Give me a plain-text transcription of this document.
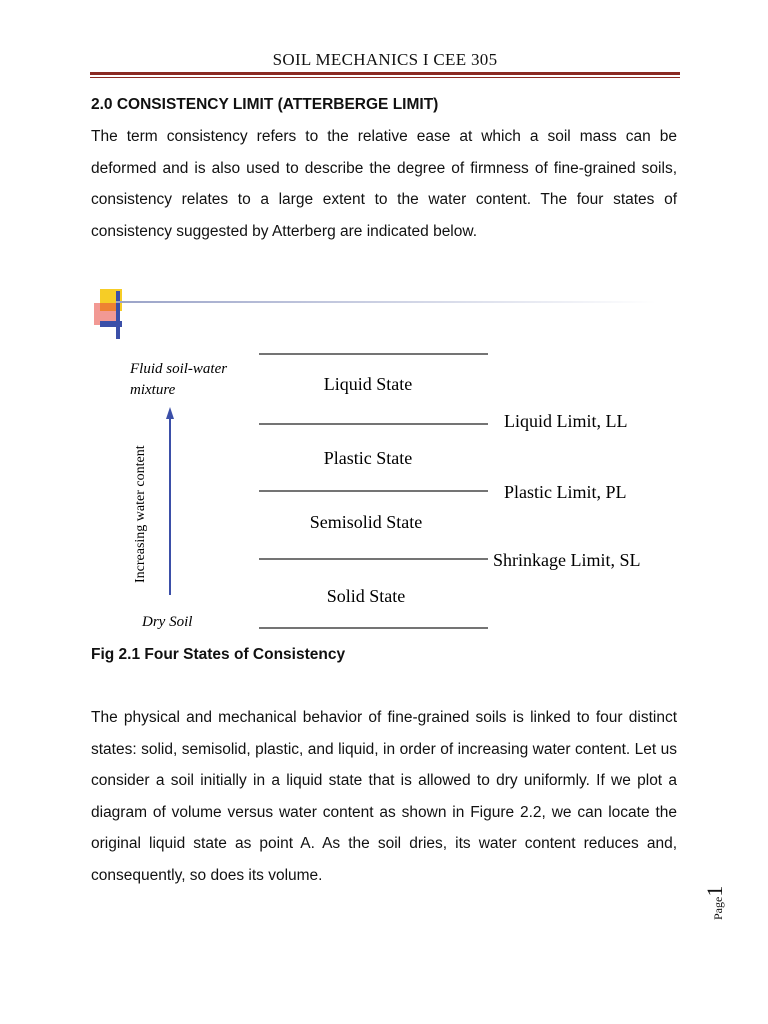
SOIL MECHANICS I CEE 305
2.0 CONSISTENCY LIMIT (ATTERBERGE LIMIT)
The term consistency refers to the relative ease at which a soil mass can be deformed and is also used to describe the degree of firmness of fine-grained soils, consistency relates to a large extent to the water content. The four states of consistency suggested by Atterberg are indicated below.
Fluid soil-water
mixture
Dry Soil
Increasing water content
Liquid State
Plastic State
Semisolid State
Solid State
Liquid Limit, LL
Plastic Limit, PL
Shrinkage Limit, SL
Fig 2.1 Four States of Consistency
The physical and mechanical behavior of fine-grained soils is linked to four distinct states: solid, semisolid, plastic, and liquid, in order of increasing water content. Let us consider a soil initially in a liquid state that is allowed to dry uniformly. If we plot a diagram of volume versus water content as shown in Figure 2.2, we can locate the original liquid state as point A. As the soil dries, its water content reduces and, consequently, so does its volume.
Page1
